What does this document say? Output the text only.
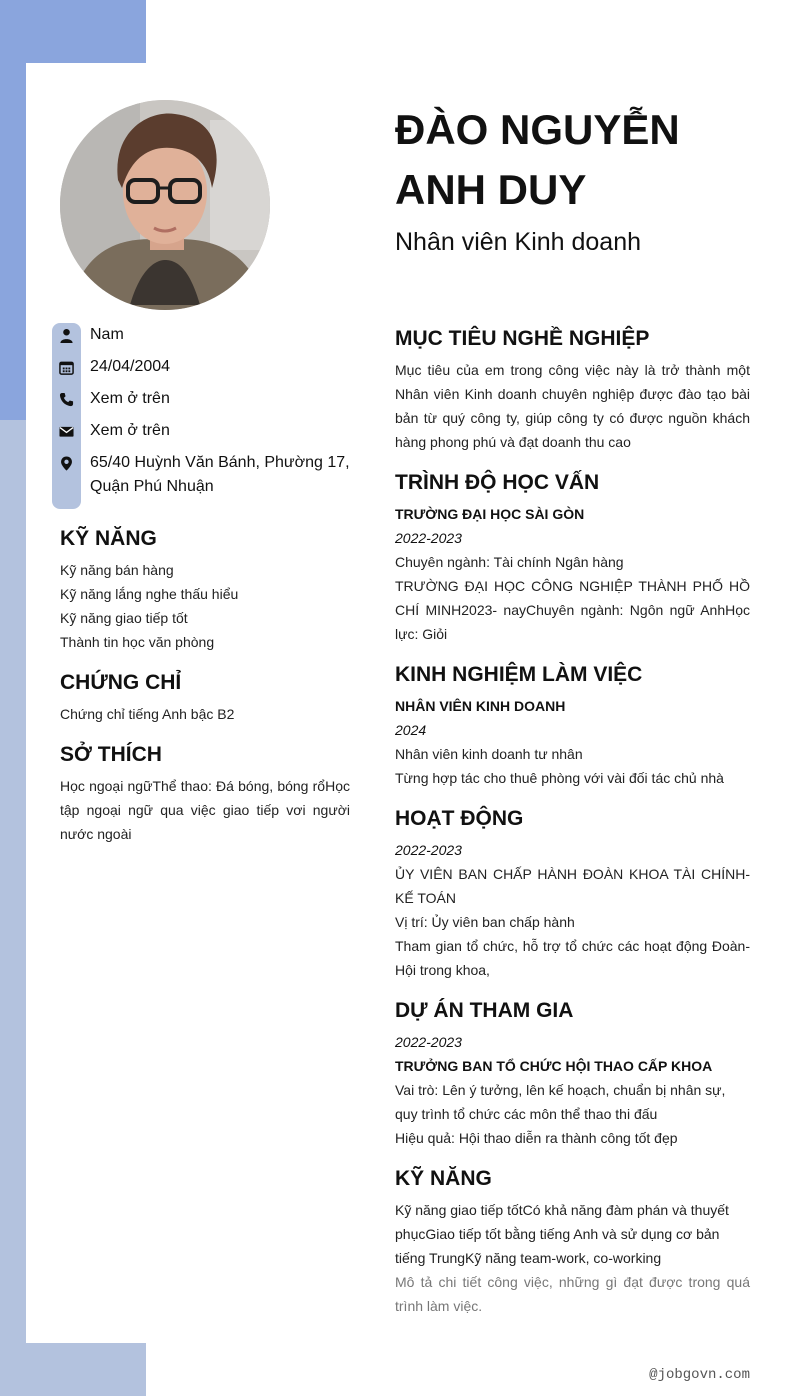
ĐÀO NGUYỄN ANH DUY
Nhân viên Kinh doanh
Nam
24/04/2004
Xem ở trên
Xem ở trên
65/40 Huỳnh Văn Bánh, Phường 17, Quận Phú Nhuận
KỸ NĂNG
Kỹ năng bán hàng
Kỹ năng lắng nghe thấu hiểu
Kỹ năng giao tiếp tốt
Thành tin học văn phòng
CHỨNG CHỈ
Chứng chỉ tiếng Anh bậc B2
SỞ THÍCH
Học ngoại ngữThể thao: Đá bóng, bóng rổHọc tập ngoại ngữ qua việc giao tiếp vơi người nước ngoài
MỤC TIÊU NGHỀ NGHIỆP
Mục tiêu của em trong công việc này là trở thành một Nhân viên Kinh doanh chuyên nghiệp được đào tạo bài bản từ quý công ty, giúp công ty có được nguồn khách hàng phong phú và đạt doanh thu cao
TRÌNH ĐỘ HỌC VẤN
TRƯỜNG ĐẠI HỌC SÀI GÒN
2022-2023
Chuyên ngành: Tài chính Ngân hàng
TRƯỜNG ĐẠI HỌC CÔNG NGHIỆP THÀNH PHỐ HỒ CHÍ MINH2023- nayChuyên ngành: Ngôn ngữ AnhHọc lực: Giỏi
KINH NGHIỆM LÀM VIỆC
NHÂN VIÊN KINH DOANH
2024
Nhân viên kinh doanh tư nhân
Từng hợp tác cho thuê phòng với vài đối tác chủ nhà
HOẠT ĐỘNG
2022-2023
ỦY VIÊN BAN CHẤP HÀNH ĐOÀN KHOA TÀI CHÍNH-KẾ TOÁN
Vị trí: Ủy viên ban chấp hành
Tham gian tổ chức, hỗ trợ tổ chức các hoạt động Đoàn-Hội trong khoa,
DỰ ÁN THAM GIA
2022-2023
TRƯỞNG BAN TỔ CHỨC HỘI THAO CẤP KHOA
Vai trò: Lên ý tưởng, lên kế hoạch, chuẩn bị nhân sự, quy trình tổ chức các môn thể thao thi đấu
Hiệu quả: Hội thao diễn ra thành công tốt đẹp
KỸ NĂNG
Kỹ năng giao tiếp tốtCó khả năng đàm phán và thuyết phụcGiao tiếp tốt bằng tiếng Anh và sử dụng cơ bản tiếng TrungKỹ năng team-work, co-working
Mô tả chi tiết công việc, những gì đạt được trong quá trình làm việc.
@jobgovn.com
